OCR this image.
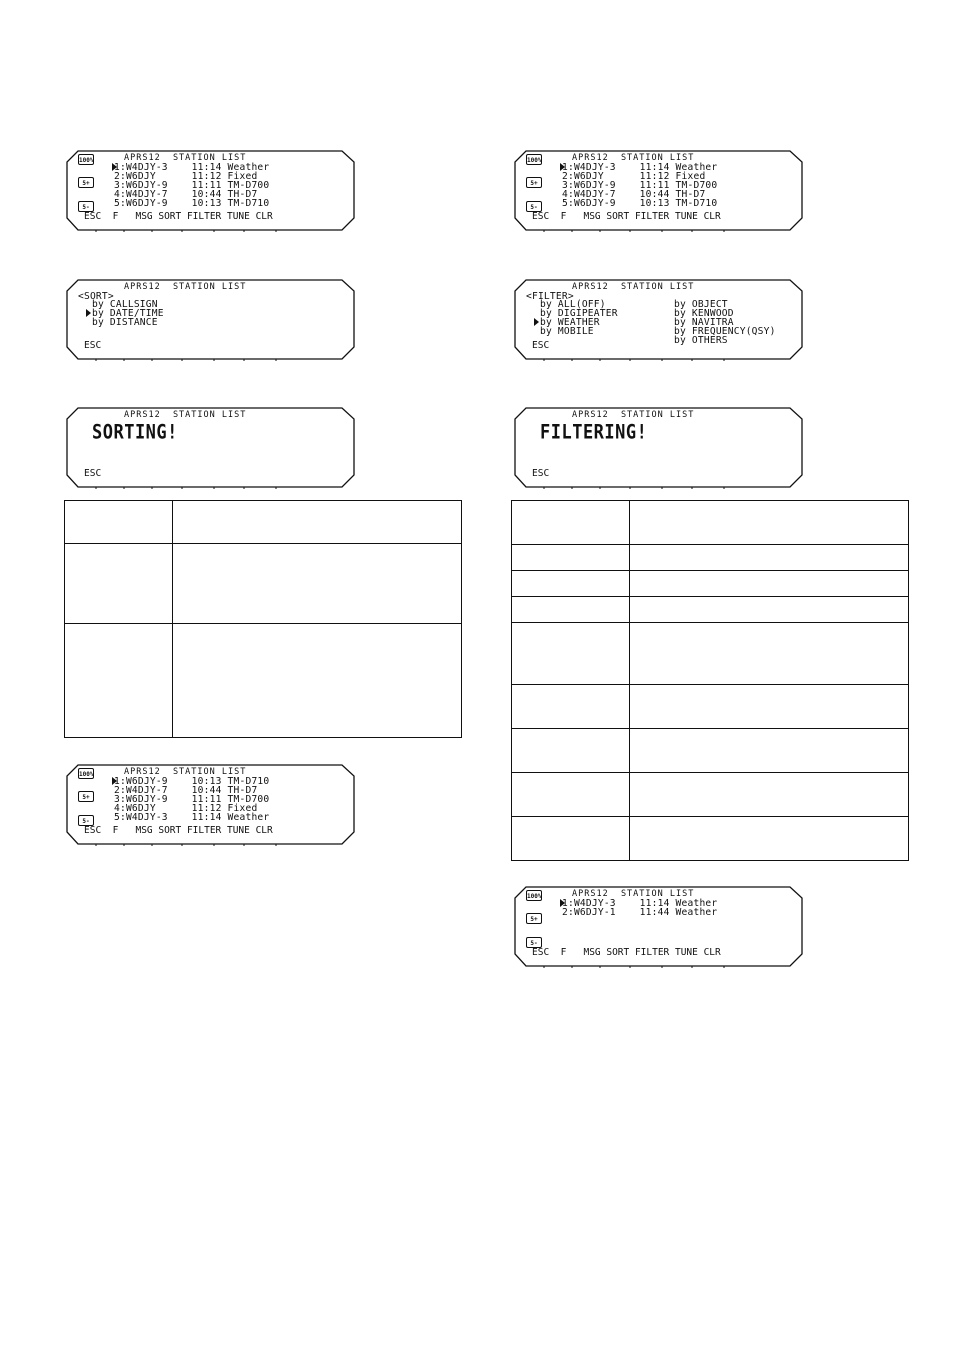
APRS12  STATION LIST
100%
5+
5-
1:W4DJY-3    11:14 Weather
2:W6DJY      11:12 Fixed
3:W6DJY-9    11:11 TM-D700
4:W4DJY-7    10:44 TH-D7
5:W6DJY-9    10:13 TM-D710
ESC  F   MSG SORT FILTER TUNE CLR
APRS12  STATION LIST
<SORT>
by CALLSIGN
by DATE/TIME
by DISTANCE
ESC
APRS12  STATION LIST
SORTING!
ESC

APRS12  STATION LIST
100%
5+
5-
1:W6DJY-9    10:13 TM-D710
2:W4DJY-7    10:44 TH-D7
3:W6DJY-9    11:11 TM-D700
4:W6DJY      11:12 Fixed
5:W4DJY-3    11:14 Weather
ESC  F   MSG SORT FILTER TUNE CLR
APRS12  STATION LIST
100%
5+
5-
1:W4DJY-3    11:14 Weather
2:W6DJY      11:12 Fixed
3:W6DJY-9    11:11 TM-D700
4:W4DJY-7    10:44 TH-D7
5:W6DJY-9    10:13 TM-D710
ESC  F   MSG SORT FILTER TUNE CLR
APRS12  STATION LIST
<FILTER>
by ALL(OFF)
by DIGIPEATER
by WEATHER
by MOBILE
by OBJECT
by KENWOOD
by NAVITRA
by FREQUENCY(QSY)
by OTHERS
ESC
APRS12  STATION LIST
FILTERING!
ESC

APRS12  STATION LIST
100%
5+
5-
1:W4DJY-3    11:14 Weather
2:W6DJY-1    11:44 Weather
ESC  F   MSG SORT FILTER TUNE CLR
